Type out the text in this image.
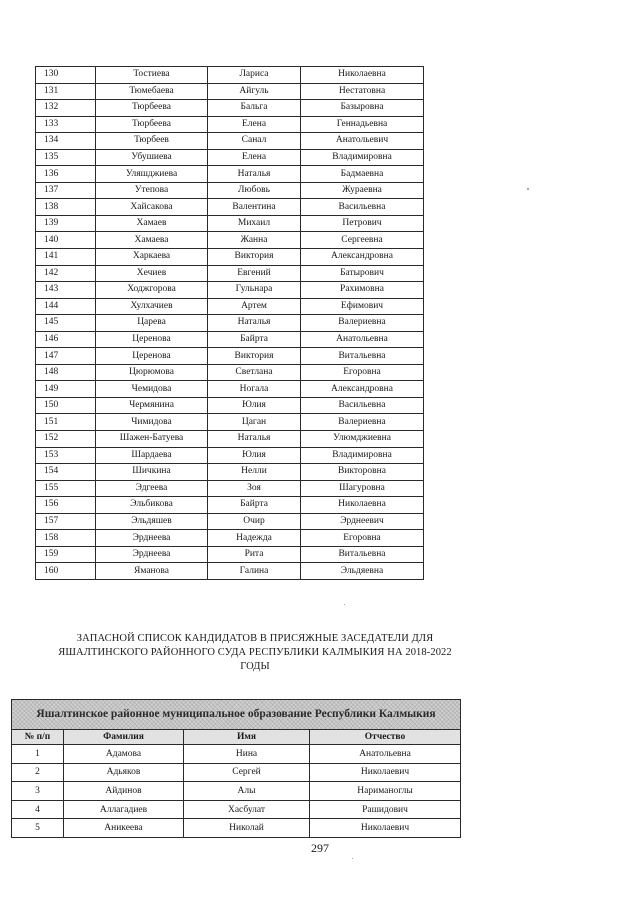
130	Тостиева	Лариса	Николаевна
131	Тюмебаева	Айгуль	Нестатовна
132	Тюрбеева	Бальга	Базыровна
133	Тюрбеева	Елена	Геннадьевна
134	Тюрбеев	Санал	Анатольевич
135	Убушиева	Елена	Владимировна
136	Уляшджиева	Наталья	Бадмаевна
137	Утепова	Любовь	Жураевна
138	Хайсакова	Валентина	Васильевна
139	Хамаев	Михаил	Петрович
140	Хамаева	Жанна	Сергеевна
141	Харкаева	Виктория	Александровна
142	Хечиев	Евгений	Батырович
143	Ходжгорова	Гульнара	Рахимовна
144	Хулхачиев	Артем	Ефимович
145	Царева	Наталья	Валериевна
146	Церенова	Байрта	Анатольевна
147	Церенова	Виктория	Витальевна
148	Цюрюмова	Светлана	Егоровна
149	Чемидова	Ногала	Александровна
150	Чермянина	Юлия	Васильевна
151	Чимидова	Цаган	Валериевна
152	Шажен-Батуева	Наталья	Улюмджиевна
153	Шардаева	Юлия	Владимировна
154	Шичкина	Нелли	Викторовна
155	Эдгеева	Зоя	Шагуровна
156	Эльбикова	Байрта	Николаевна
157	Эльдяшев	Очир	Эрднеевич
158	Эрднеева	Надежда	Егоровна
159	Эрднеева	Рита	Витальевна
160	Яманова	Галина	Эльдяевна
ЗАПАСНОЙ СПИСОК КАНДИДАТОВ В ПРИСЯЖНЫЕ ЗАСЕДАТЕЛИ ДЛЯ
ЯШАЛТИНСКОГО РАЙОННОГО СУДА РЕСПУБЛИКИ КАЛМЫКИЯ НА 2018-2022
ГОДЫ
Яшалтинское районное муниципальное образование Республики Калмыкия			
№ п/п	Фамилия	Имя	Отчество
1	Адамова	Нина	Анатольевна
2	Адьяков	Сергей	Николаевич
3	Айдинов	Алы	Нариманоглы
4	Аллагадиев	Хасбулат	Рашидович
5	Аникеева	Николай	Николаевич
297
